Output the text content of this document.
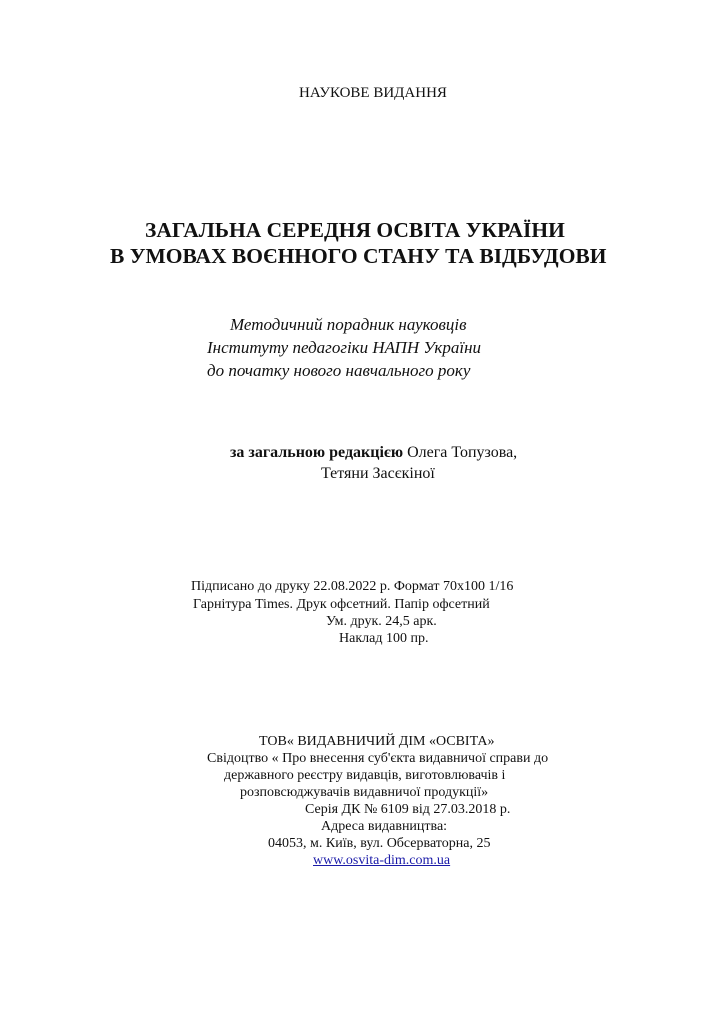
НАУКОВЕ ВИДАННЯ
ЗАГАЛЬНА СЕРЕДНЯ ОСВІТА УКРАЇНИ
В УМОВАХ ВОЄННОГО СТАНУ ТА ВІДБУДОВИ
Методичний порадник науковців
Інституту педагогіки НАПН України
до початку нового навчального року
за загальною редакцією Олега Топузова,
Тетяни Засєкіної
Підписано до друку 22.08.2022 р. Формат 70х100 1/16
Гарнітура Times. Друк офсетний. Папір офсетний
Ум. друк. 24,5 арк.
Наклад 100 пр.
ТОВ« ВИДАВНИЧИЙ ДІМ «ОСВІТА»
Свідоцтво « Про внесення суб'єкта видавничої справи до
державного реєстру видавців, виготовлювачів і
розповсюджувачів видавничої продукції»
Серія ДК № 6109 від 27.03.2018 р.
Адреса видавництва:
04053, м. Київ, вул. Обсерваторна, 25
www.osvita-dim.com.ua
